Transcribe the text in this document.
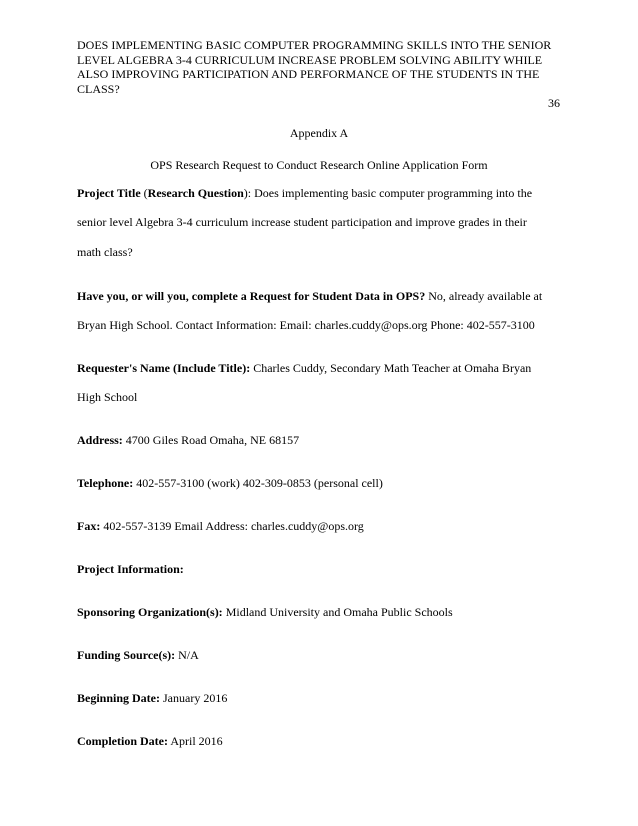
DOES IMPLEMENTING BASIC COMPUTER PROGRAMMING SKILLS INTO THE SENIOR LEVEL ALGEBRA 3-4 CURRICULUM INCREASE PROBLEM SOLVING ABILITY WHILE ALSO IMPROVING PARTICIPATION AND PERFORMANCE OF THE STUDENTS IN THE CLASS?
36
Appendix A
OPS Research Request to Conduct Research Online Application Form
Project Title (Research Question): Does implementing basic computer programming into the
senior level Algebra 3-4 curriculum increase student participation and improve grades in their
math class?
Have you, or will you, complete a Request for Student Data in OPS? No, already available at
Bryan High School. Contact Information: Email: charles.cuddy@ops.org Phone: 402-557-3100
Requester's Name (Include Title): Charles Cuddy, Secondary Math Teacher at Omaha Bryan
High School
Address: 4700 Giles Road Omaha, NE 68157
Telephone: 402-557-3100 (work) 402-309-0853 (personal cell)
Fax: 402-557-3139 Email Address: charles.cuddy@ops.org
Project Information:
Sponsoring Organization(s): Midland University and Omaha Public Schools
Funding Source(s): N/A
Beginning Date: January 2016
Completion Date: April 2016
